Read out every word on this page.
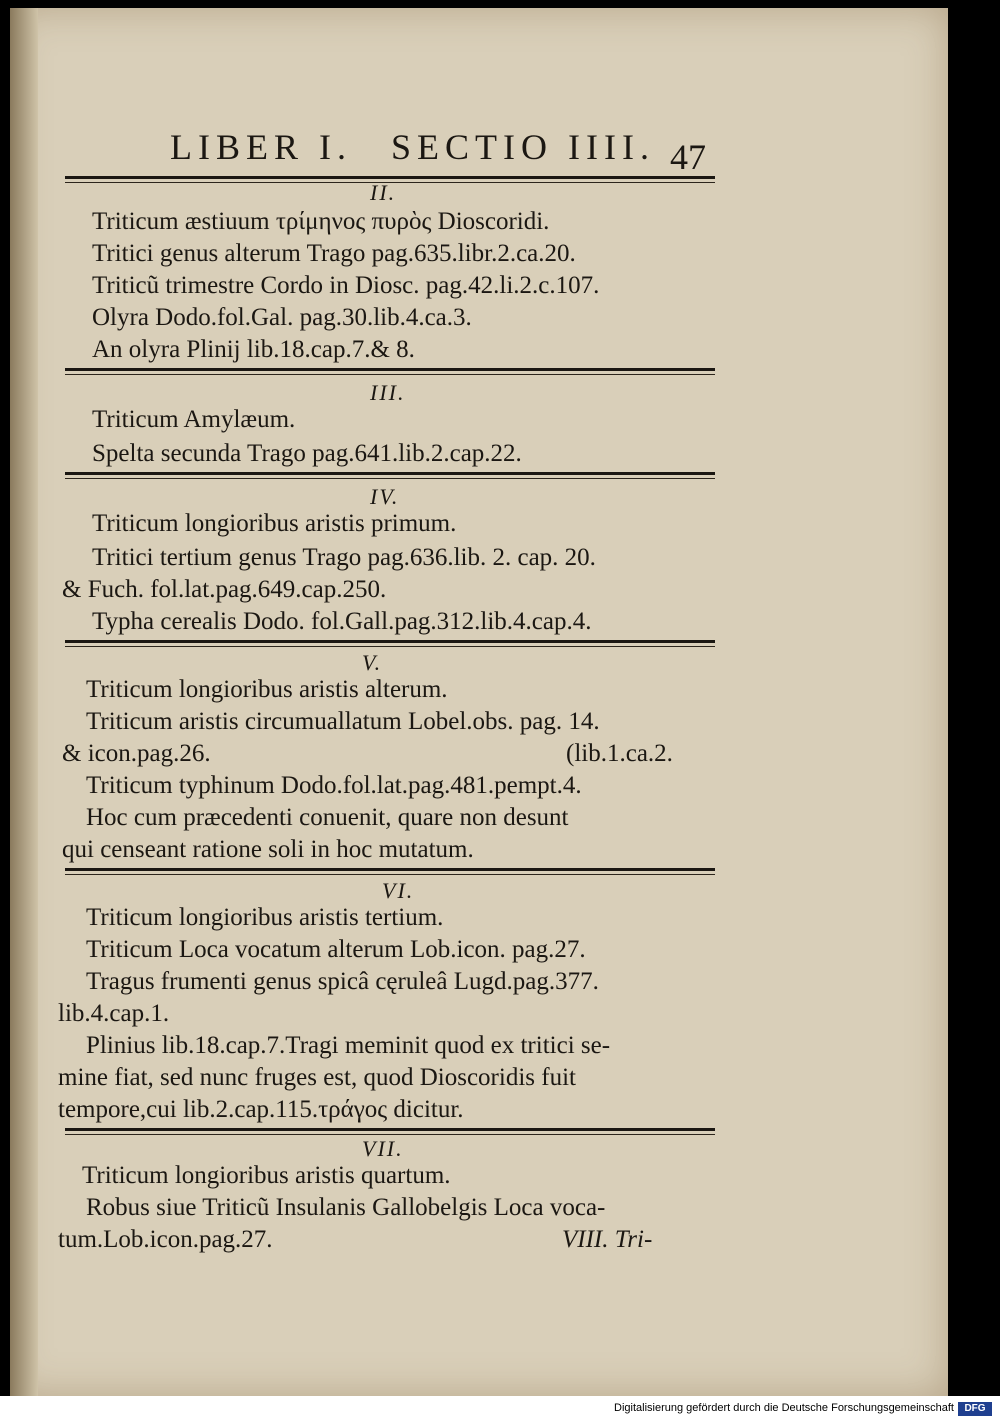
LIBER I. SECTIO IIII. 47
II.
Triticum æstiuum τρίμηνος πυρὸς Dioscoridi.
Tritici genus alterum Trago pag.635.libr.2.ca.20.
Triticũ trimestre Cordo in Diosc. pag.42.li.2.c.107.
Olyra Dodo.fol.Gal. pag.30.lib.4.ca.3.
An olyra Plinij lib.18.cap.7.& 8.
III.
Triticum Amylæum.
Spelta secunda Trago pag.641.lib.2.cap.22.
IV.
Triticum longioribus aristis primum.
Tritici tertium genus Trago pag.636.lib. 2. cap. 20.
& Fuch. fol.lat.pag.649.cap.250.
Typha cerealis Dodo. fol.Gall.pag.312.lib.4.cap.4.
V.
Triticum longioribus aristis alterum.
Triticum aristis circumuallatum Lobel.obs. pag. 14.
& icon.pag.26.	(lib.1.ca.2.
Triticum typhinum Dodo.fol.lat.pag.481.pempt.4.
Hoc cum præcedenti conuenit, quare non desunt
qui censeant ratione soli in hoc mutatum.
VI.
Triticum longioribus aristis tertium.
Triticum Loca vocatum alterum Lob.icon. pag.27.
Tragus frumenti genus spicâ cęruleâ Lugd.pag.377.
lib.4.cap.1.
Plinius lib.18.cap.7.Tragi meminit quod ex tritici se-
mine fiat, sed nunc fruges est, quod Dioscoridis fuit
tempore,cui lib.2.cap.115.τράγος dicitur.
VII.
Triticum longioribus aristis quartum.
Robus siue Triticũ Insulanis Gallobelgis Loca voca-
tum.Lob.icon.pag.27.	VIII. Tri-
Digitalisierung gefördert durch die Deutsche Forschungsgemeinschaft	DFG
